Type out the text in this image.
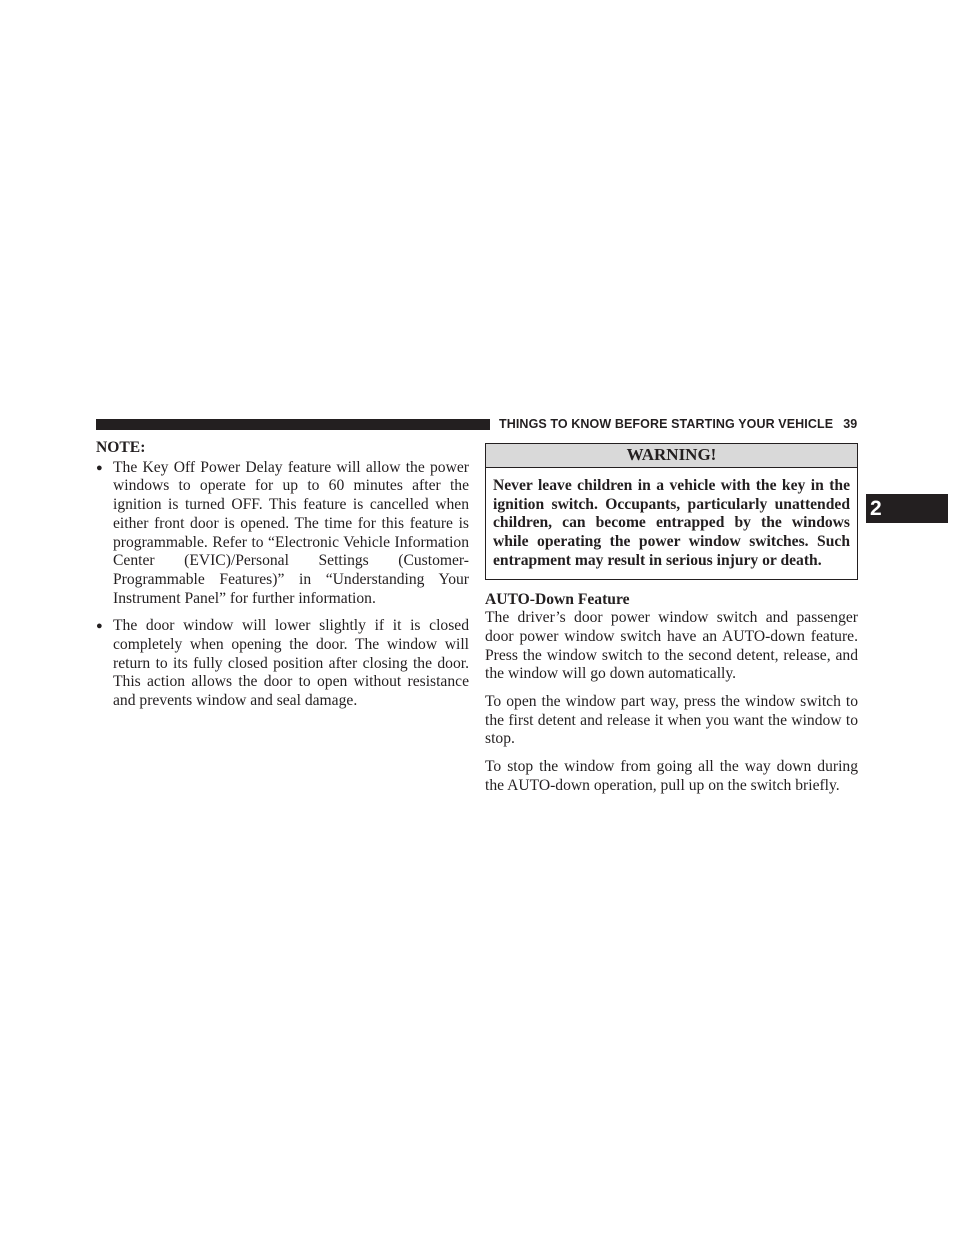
THINGS TO KNOW BEFORE STARTING YOUR VEHICLE 39
2
NOTE:
● The Key Off Power Delay feature will allow the power windows to operate for up to 60 minutes after the ignition is turned OFF. This feature is cancelled when either front door is opened. The time for this feature is programmable. Refer to “Electronic Vehicle Information Center (EVIC)/Personal Settings (Customer-Programmable Features)” in “Understanding Your Instrument Panel” for further information.
● The door window will lower slightly if it is closed completely when opening the door. The window will return to its fully closed position after closing the door. This action allows the door to open without resistance and prevents window and seal damage.
WARNING!
Never leave children in a vehicle with the key in the ignition switch. Occupants, particularly unattended children, can become entrapped by the windows while operating the power window switches. Such entrapment may result in serious injury or death.
AUTO-Down Feature

The driver’s door power window switch and passenger door power window switch have an AUTO-down feature. Press the window switch to the second detent, release, and the window will go down automatically.

To open the window part way, press the window switch to the first detent and release it when you want the window to stop.

To stop the window from going all the way down during the AUTO-down operation, pull up on the switch briefly.
